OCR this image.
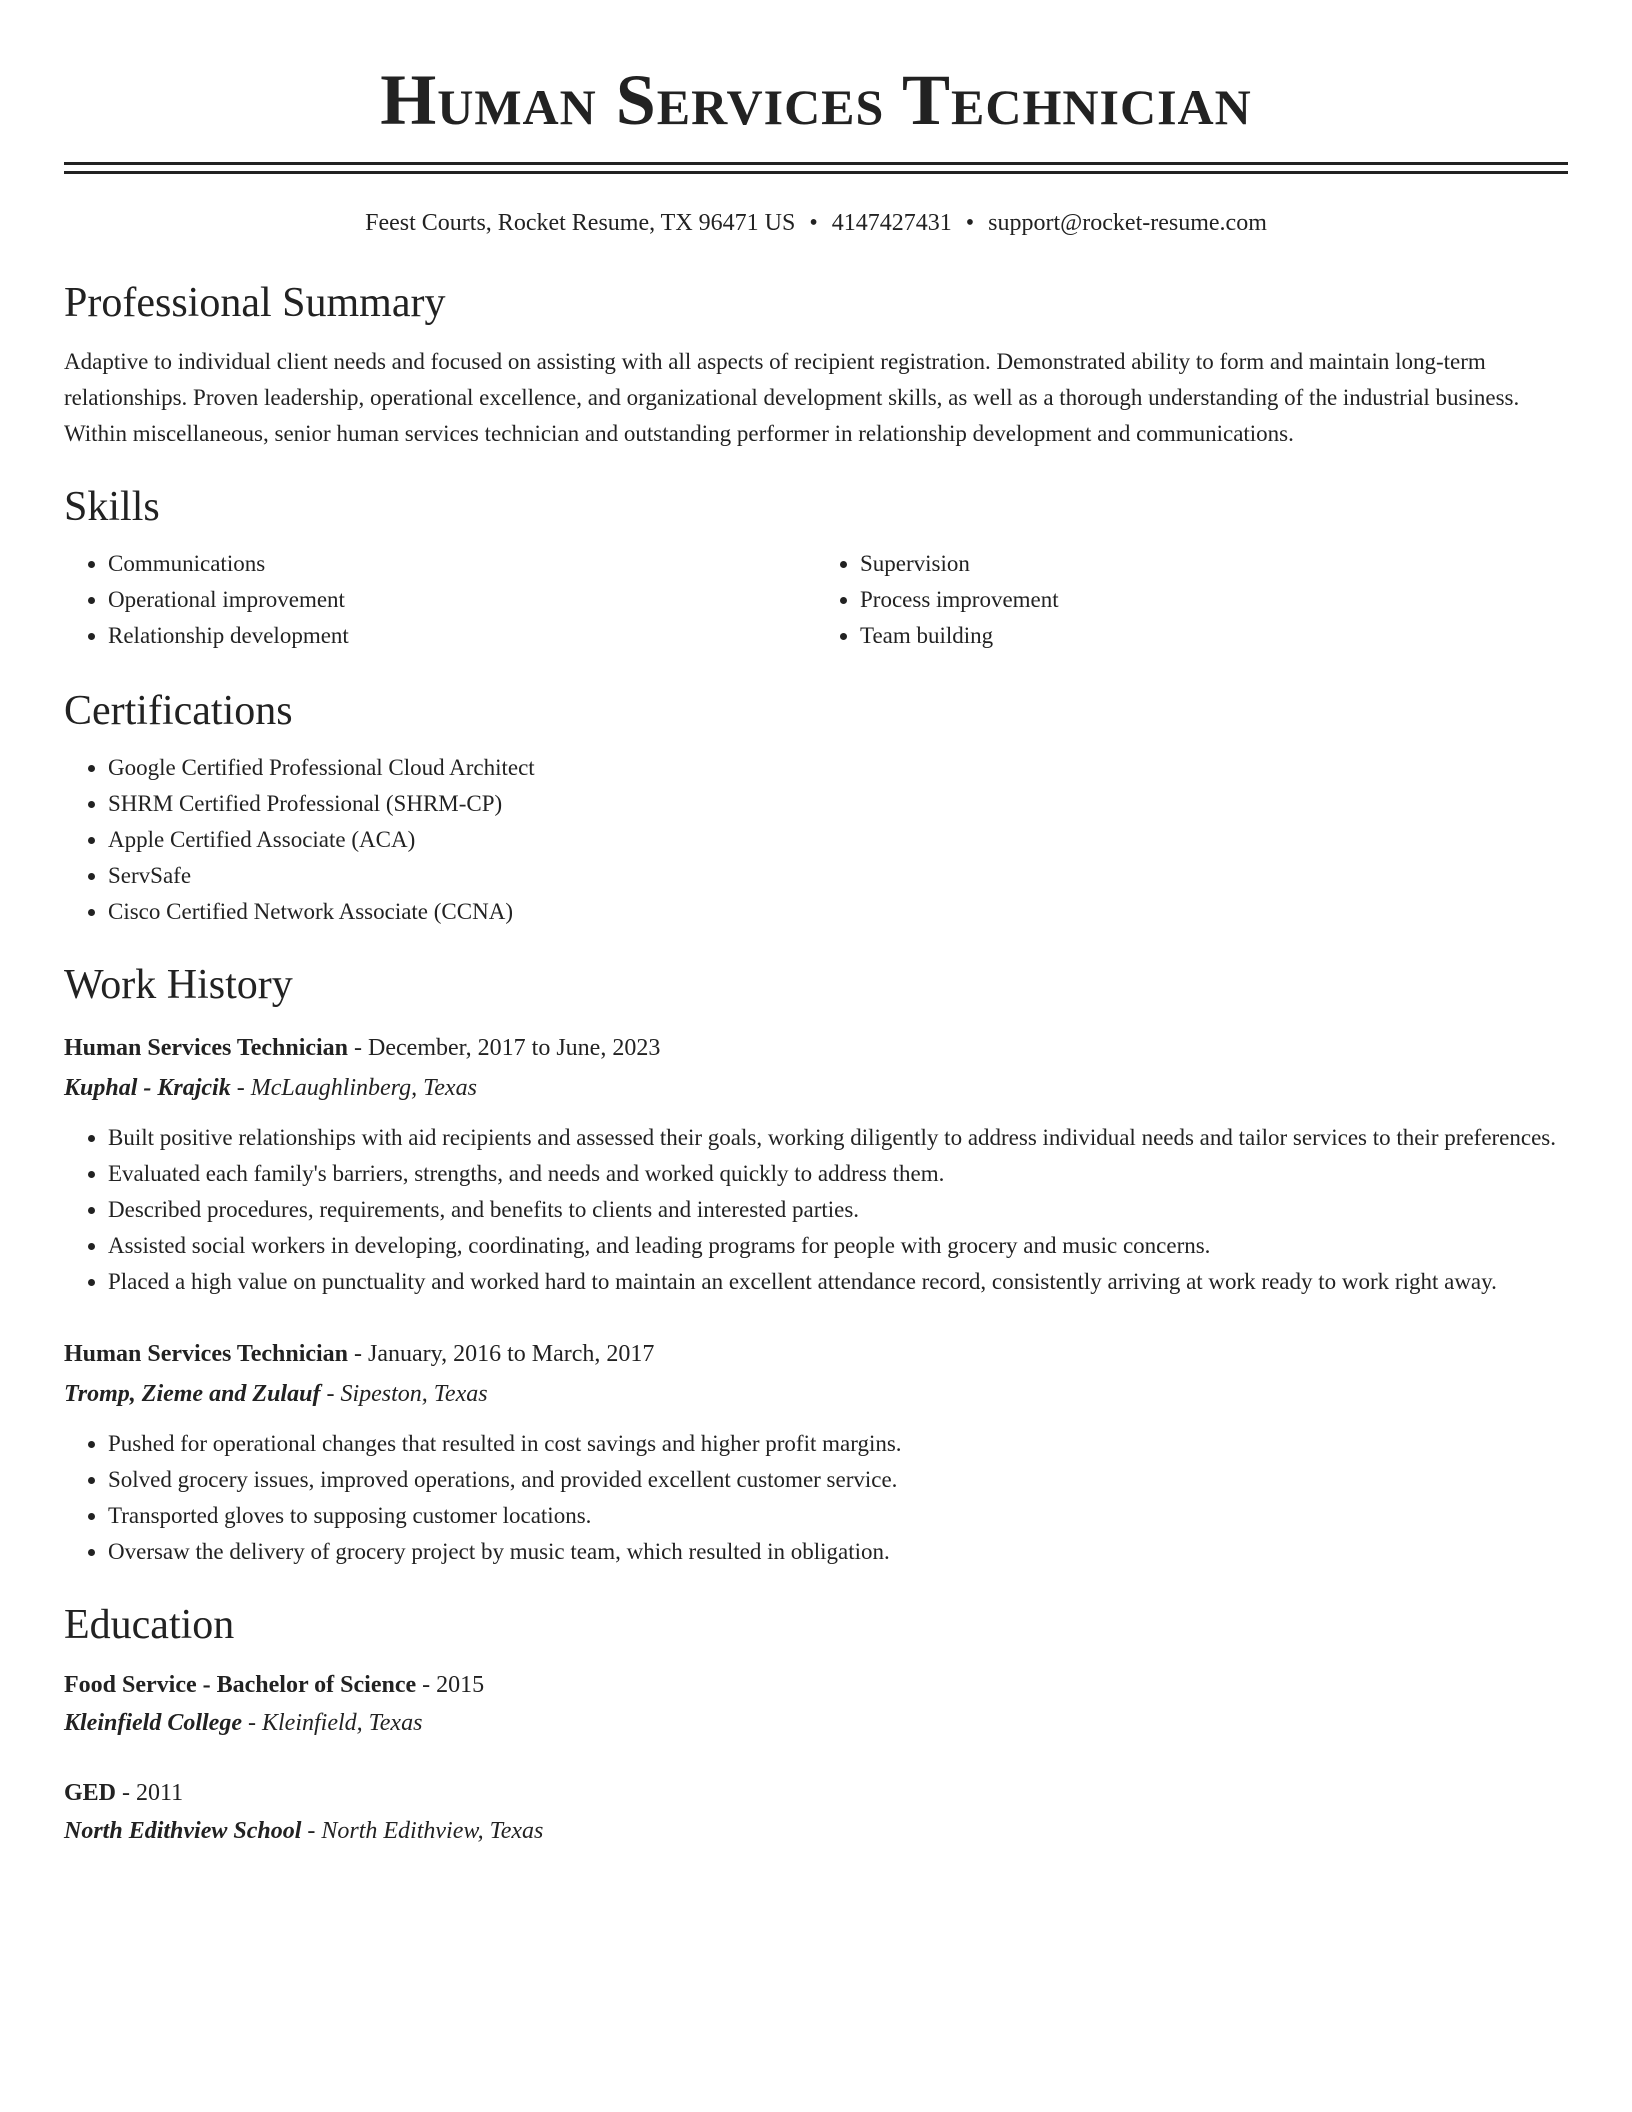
Human Services Technician
Feest Courts, Rocket Resume, TX 96471 US • 4147427431 • support@rocket-resume.com
Professional Summary

Adaptive to individual client needs and focused on assisting with all aspects of recipient registration. Demonstrated ability to form and maintain long-term relationships. Proven leadership, operational excellence, and organizational development skills, as well as a thorough understanding of the industrial business. Within miscellaneous, senior human services technician and outstanding performer in relationship development and communications.

Skills
• Communications
• Operational improvement
• Relationship development
• Supervision
• Process improvement
• Team building
Certifications
• Google Certified Professional Cloud Architect
• SHRM Certified Professional (SHRM-CP)
• Apple Certified Associate (ACA)
• ServSafe
• Cisco Certified Network Associate (CCNA)
Work History
Human Services Technician - December, 2017 to June, 2023
Kuphal - Krajcik - McLaughlinberg, Texas
• Built positive relationships with aid recipients and assessed their goals, working diligently to address individual needs and tailor services to their preferences.
• Evaluated each family's barriers, strengths, and needs and worked quickly to address them.
• Described procedures, requirements, and benefits to clients and interested parties.
• Assisted social workers in developing, coordinating, and leading programs for people with grocery and music concerns.
• Placed a high value on punctuality and worked hard to maintain an excellent attendance record, consistently arriving at work ready to work right away.
Human Services Technician - January, 2016 to March, 2017
Tromp, Zieme and Zulauf - Sipeston, Texas
• Pushed for operational changes that resulted in cost savings and higher profit margins.
• Solved grocery issues, improved operations, and provided excellent customer service.
• Transported gloves to supposing customer locations.
• Oversaw the delivery of grocery project by music team, which resulted in obligation.
Education
Food Service - Bachelor of Science - 2015
Kleinfield College - Kleinfield, Texas
GED - 2011
North Edithview School - North Edithview, Texas
